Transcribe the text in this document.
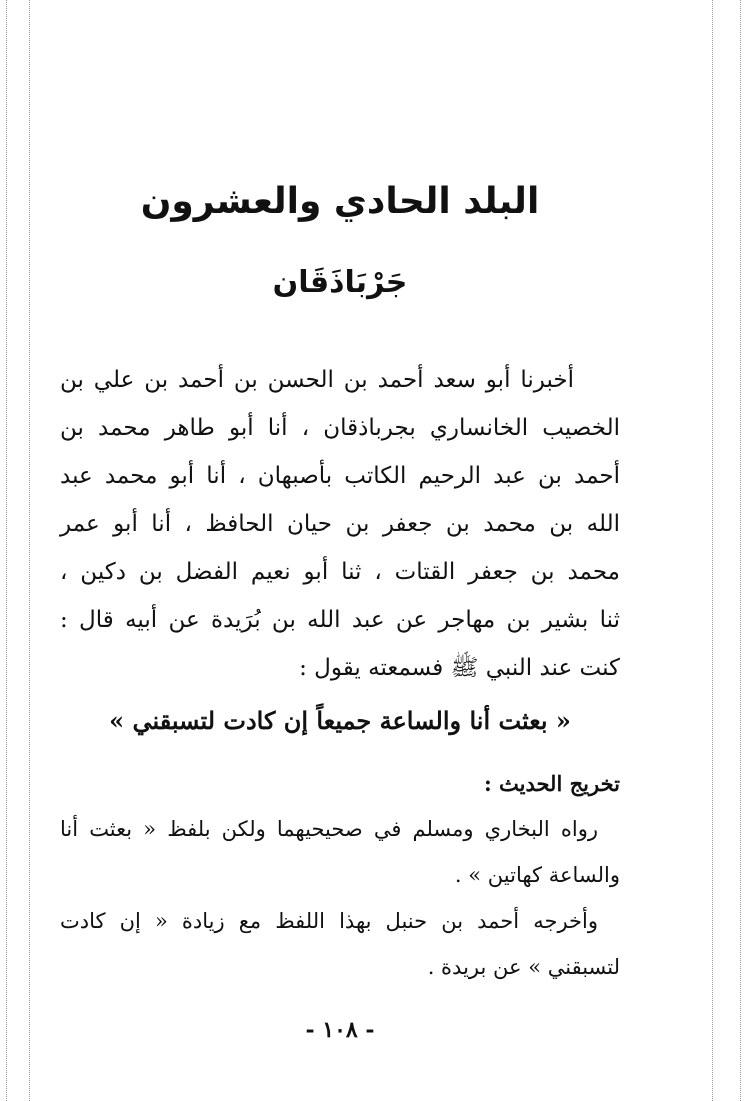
البلد الحادي والعشرون
جَرْبَاذَقَان
أخبرنا أبو سعد أحمد بن الحسن بن أحمد بن علي بن
الخصيب الخانساري بجرباذقان ، أنا أبو طاهر محمد بن
أحمد بن عبد الرحيم الكاتب بأصبهان ، أنا أبو محمد عبد
الله بن محمد بن جعفر بن حيان الحافظ ، أنا أبو عمر
محمد بن جعفر القتات ، ثنا أبو نعيم الفضل بن دكين ،
ثنا بشير بن مهاجر عن عبد الله بن بُرَيدة عن أبيه قال :
كنت عند النبي ﷺ فسمعته يقول :
« بعثت أنا والساعة جميعاً إن كادت لتسبقني »
تخريج الحديث :
رواه البخاري ومسلم في صحيحيهما ولكن بلفظ « بعثت أنا
والساعة كهاتين » .
وأخرجه أحمد بن حنبل بهذا اللفظ مع زيادة « إن كادت
لتسبقني » عن بريدة .
- ١٠٨ -
